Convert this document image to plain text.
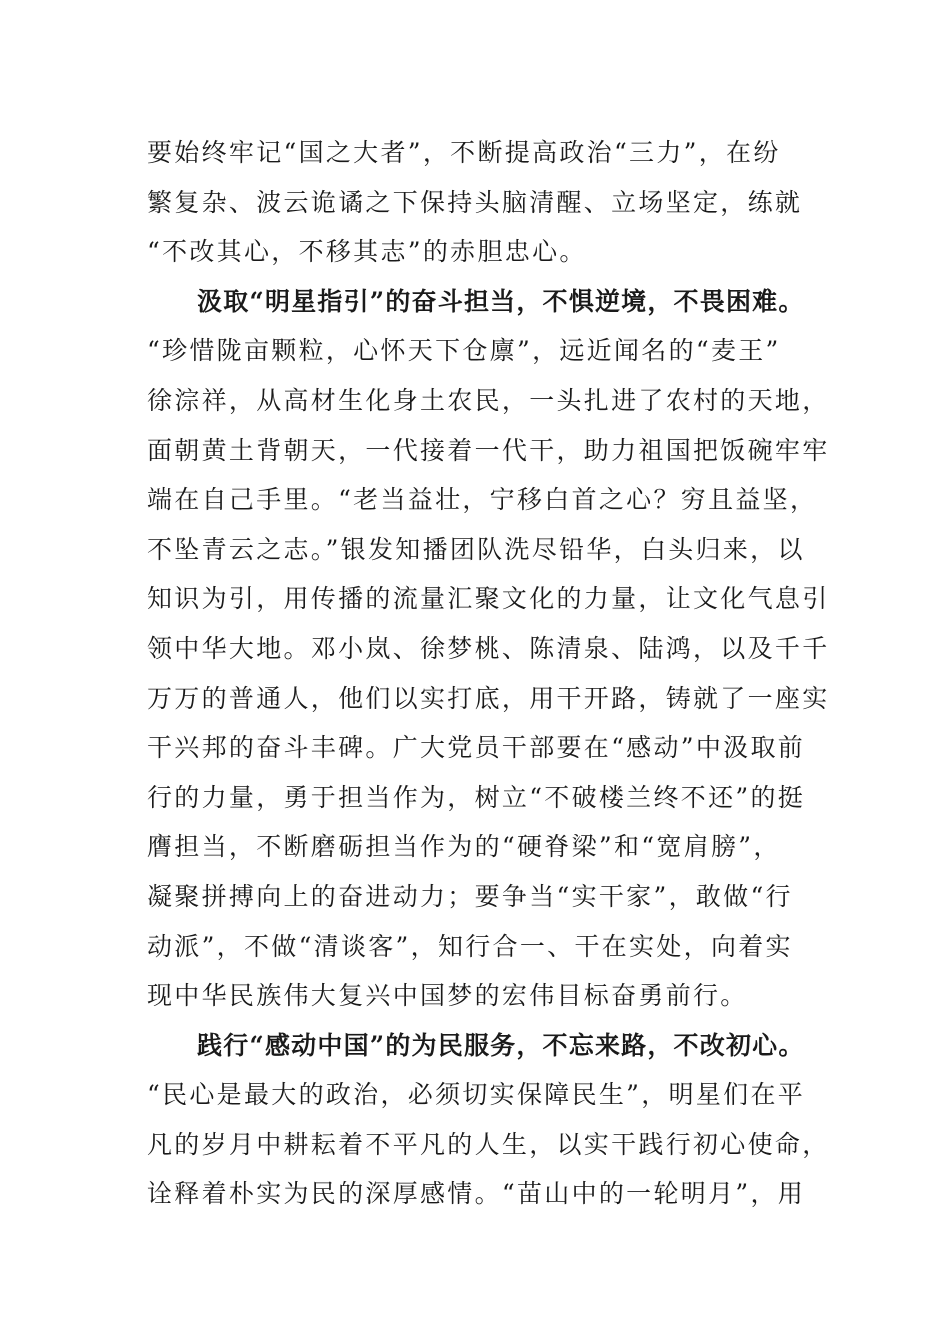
要始终牢记“国之大者”，不断提高政治“三力”，在纷
繁复杂、波云诡谲之下保持头脑清醒、立场坚定，练就
“不改其心，不移其志”的赤胆忠心。
汲取“明星指引”的奋斗担当，不惧逆境，不畏困难。
“珍惜陇亩颗粒，心怀天下仓廪”，远近闻名的“麦王”
徐淙祥，从高材生化身土农民，一头扎进了农村的天地，
面朝黄土背朝天，一代接着一代干，助力祖国把饭碗牢牢
端在自己手里。“老当益壮，宁移白首之心？穷且益坚，
不坠青云之志。”银发知播团队洗尽铅华，白头归来，以
知识为引，用传播的流量汇聚文化的力量，让文化气息引
领中华大地。邓小岚、徐梦桃、陈清泉、陆鸿，以及千千
万万的普通人，他们以实打底，用干开路，铸就了一座实
干兴邦的奋斗丰碑。广大党员干部要在“感动”中汲取前
行的力量，勇于担当作为，树立“不破楼兰终不还”的挺
膺担当，不断磨砺担当作为的“硬脊梁”和“宽肩膀”，
凝聚拼搏向上的奋进动力；要争当“实干家”，敢做“行
动派”，不做“清谈客”，知行合一、干在实处，向着实
现中华民族伟大复兴中国梦的宏伟目标奋勇前行。
践行“感动中国”的为民服务，不忘来路，不改初心。
“民心是最大的政治，必须切实保障民生”，明星们在平
凡的岁月中耕耘着不平凡的人生，以实干践行初心使命，
诠释着朴实为民的深厚感情。“苗山中的一轮明月”，用
